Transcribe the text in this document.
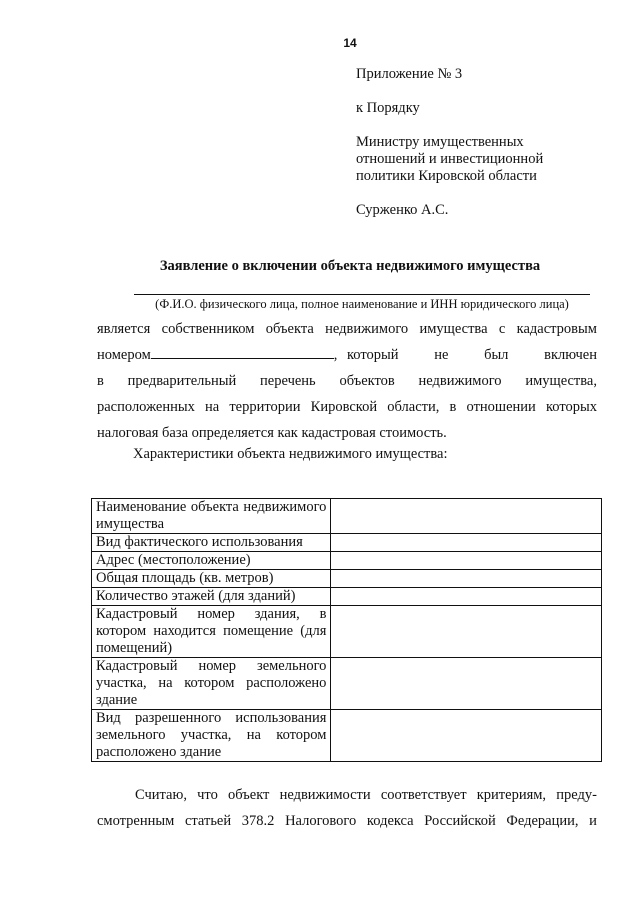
14
Приложение № 3
к Порядку
Министру имущественных
отношений и инвестиционной
политики Кировской области
Сурженко А.С.
Заявление о включении объекта недвижимого имущества
(Ф.И.О. физического лица, полное наименование и ИНН юридического лица)
является собственником объекта недвижимого имущества с кадастровым
номером	, который не был включен
в предварительный перечень объектов недвижимого имущества,
расположенных на территории Кировской области, в отношении которых
налоговая база определяется как кадастровая стоимость.
Характеристики объекта недвижимого имущества:
Наименование объекта недвижимого имущества	
Вид фактического использования	
Адрес (местоположение)	
Общая площадь (кв. метров)	
Количество этажей (для зданий)	
Кадастровый номер здания, в котором находится помещение (для помещений)	
Кадастровый номер земельного участка, на котором расположено здание	
Вид разрешенного использования земельного участка, на котором расположено здание	
Считаю, что объект недвижимости соответствует критериям, преду-
смотренным статьей 378.2 Налогового кодекса Российской Федерации, и
